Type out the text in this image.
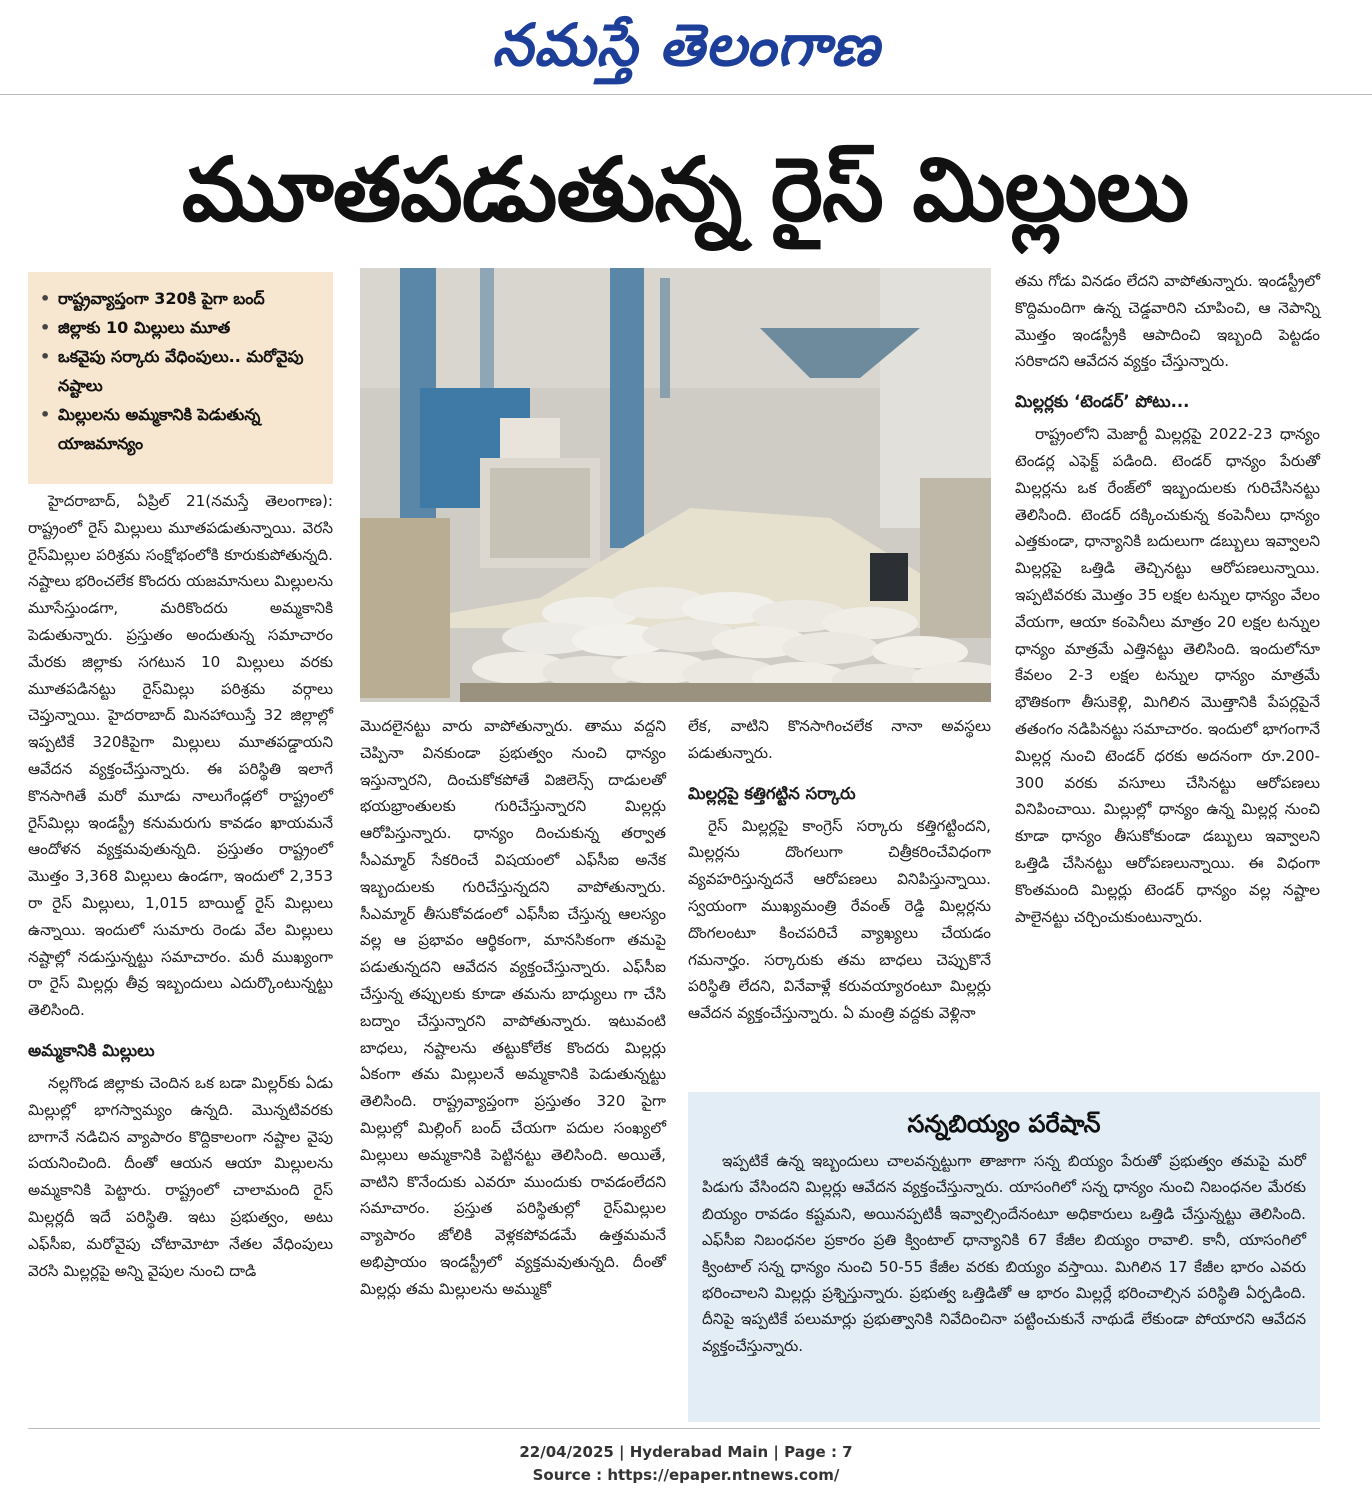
నమస్తే తెలంగాణ
మూతపడుతున్న రైస్ మిల్లులు
• రాష్ట్రవ్యాప్తంగా 320కి పైగా బంద్
• జిల్లాకు 10 మిల్లులు మూత
• ఒకవైపు సర్కారు వేధింపులు.. మరోవైపు నష్టాలు
• మిల్లులను అమ్మకానికి పెడుతున్న యాజమాన్యం

హైదరాబాద్, ఏప్రిల్ 21(నమస్తే తెలంగాణ): రాష్ట్రంలో రైస్ మిల్లులు మూతపడుతున్నాయి. వెరసి రైస్‌మిల్లుల పరిశ్రమ సంక్షోభంలోకి కూరుకుపోతున్నది. నష్టాలు భరించలేక కొందరు యజమానులు మిల్లులను మూసేస్తుండగా, మరికొందరు అమ్మకానికి పెడుతున్నారు. ప్రస్తుతం అందుతున్న సమాచారం మేరకు జిల్లాకు సగటున 10 మిల్లులు వరకు మూతపడినట్టు రైస్‌మిల్లు పరిశ్రమ వర్గాలు చెప్తున్నాయి. హైదరాబాద్ మినహాయిస్తే 32 జిల్లాల్లో ఇప్పటికే 320కిపైగా మిల్లులు మూతపడ్డాయని ఆవేదన వ్యక్తంచేస్తున్నారు. ఈ పరిస్థితి ఇలాగే కొనసాగితే మరో మూడు నాలుగేండ్లలో రాష్ట్రంలో రైస్‌మిల్లు ఇండస్ట్రీ కనుమరుగు కావడం ఖాయమనే ఆందోళన వ్యక్తమవుతున్నది. ప్రస్తుతం రాష్ట్రంలో మొత్తం 3,368 మిల్లులు ఉండగా, ఇందులో 2,353 రా రైస్ మిల్లులు, 1,015 బాయిల్డ్ రైస్ మిల్లులు ఉన్నాయి. ఇందులో సుమారు రెండు వేల మిల్లులు నష్టాల్లో నడుస్తున్నట్టు సమాచారం. మరీ ముఖ్యంగా రా రైస్ మిల్లర్లు తీవ్ర ఇబ్బందులు ఎదుర్కొంటున్నట్టు తెలిసింది.

అమ్మకానికి మిల్లులు

నల్లగొండ జిల్లాకు చెందిన ఒక బడా మిల్లర్‌కు ఏడు మిల్లుల్లో భాగస్వామ్యం ఉన్నది. మొన్నటివరకు బాగానే నడిచిన వ్యాపారం కొద్దికాలంగా నష్టాల వైపు పయనించింది. దీంతో ఆయన ఆయా మిల్లులను అమ్మకానికి పెట్టారు. రాష్ట్రంలో చాలామంది రైస్ మిల్లర్లదీ ఇదే పరిస్థితి. ఇటు ప్రభుత్వం, అటు ఎఫ్‌సీఐ, మరోవైపు చోటామోటా నేతల వేధింపులు వెరసి మిల్లర్లపై అన్ని వైపుల నుంచి దాడి

మొదలైనట్టు వారు వాపోతున్నారు. తాము వద్దని చెప్పినా వినకుండా ప్రభుత్వం నుంచి ధాన్యం ఇస్తున్నారని, దించుకోకపోతే విజిలెన్స్ దాడులతో భయభ్రాంతులకు గురిచేస్తున్నారని మిల్లర్లు ఆరోపిస్తున్నారు. ధాన్యం దించుకున్న తర్వాత సీఎమ్మార్ సేకరించే విషయంలో ఎఫ్‌సీఐ అనేక ఇబ్బందులకు గురిచేస్తున్నదని వాపోతున్నారు. సీఎమ్మార్ తీసుకోవడంలో ఎఫ్‌సీఐ చేస్తున్న ఆలస్యం వల్ల ఆ ప్రభావం ఆర్థికంగా, మానసికంగా తమపై పడుతున్నదని ఆవేదన వ్యక్తంచేస్తున్నారు. ఎఫ్‌సీఐ చేస్తున్న తప్పులకు కూడా తమను బాధ్యులు గా చేసి బద్నాం చేస్తున్నారని వాపోతున్నారు. ఇటువంటి బాధలు, నష్టాలను తట్టుకోలేక కొందరు మిల్లర్లు ఏకంగా తమ మిల్లులనే అమ్మకానికి పెడుతున్నట్టు తెలిసింది. రాష్ట్రవ్యాప్తంగా ప్రస్తుతం 320 పైగా మిల్లుల్లో మిల్లింగ్ బంద్ చేయగా పదుల సంఖ్యలో మిల్లులు అమ్మకానికి పెట్టినట్టు తెలిసింది. అయితే, వాటిని కొనేందుకు ఎవరూ ముందుకు రావడంలేదని సమాచారం. ప్రస్తుత పరిస్థితుల్లో రైస్‌మిల్లుల వ్యాపారం జోలికి వెళ్లకపోవడమే ఉత్తమమనే అభిప్రాయం ఇండస్ట్రీలో వ్యక్తమవుతున్నది. దీంతో మిల్లర్లు తమ మిల్లులను అమ్ముకో

లేక, వాటిని కొనసాగించలేక నానా అవస్థలు పడుతున్నారు.

మిల్లర్లపై కత్తిగట్టిన సర్కారు

రైస్ మిల్లర్లపై కాంగ్రెస్ సర్కారు కత్తిగట్టిందని, మిల్లర్లను దొంగలుగా చిత్రీకరించేవిధంగా వ్యవహరిస్తున్నదనే ఆరోపణలు వినిపిస్తున్నాయి. స్వయంగా ముఖ్యమంత్రి రేవంత్ రెడ్డి మిల్లర్లను దొంగలంటూ కించపరిచే వ్యాఖ్యలు చేయడం గమనార్హం. సర్కారుకు తమ బాధలు చెప్పుకొనే పరిస్థితి లేదని, వినేవాళ్లే కరువయ్యారంటూ మిల్లర్లు ఆవేదన వ్యక్తంచేస్తున్నారు. ఏ మంత్రి వద్దకు వెళ్లినా

తమ గోడు వినడం లేదని వాపోతున్నారు. ఇండస్ట్రీలో కొద్దిమందిగా ఉన్న చెడ్డవారిని చూపించి, ఆ నెపాన్ని మొత్తం ఇండస్ట్రీకి ఆపాదించి ఇబ్బంది పెట్టడం సరికాదని ఆవేదన వ్యక్తం చేస్తున్నారు.

మిల్లర్లకు ‘టెండర్’ పోటు...

రాష్ట్రంలోని మెజార్టీ మిల్లర్లపై 2022-23 ధాన్యం టెండర్ల ఎఫెక్ట్ పడింది. టెండర్ ధాన్యం పేరుతో మిల్లర్లను ఒక రేంజ్‌లో ఇబ్బందులకు గురిచేసినట్టు తెలిసింది. టెండర్ దక్కించుకున్న కంపెనీలు ధాన్యం ఎత్తకుండా, ధాన్యానికి బదులుగా డబ్బులు ఇవ్వాలని మిల్లర్లపై ఒత్తిడి తెచ్చినట్టు ఆరోపణలున్నాయి. ఇప్పటివరకు మొత్తం 35 లక్షల టన్నుల ధాన్యం వేలం వేయగా, ఆయా కంపెనీలు మాత్రం 20 లక్షల టన్నుల ధాన్యం మాత్రమే ఎత్తినట్టు తెలిసింది. ఇందులోనూ కేవలం 2-3 లక్షల టన్నుల ధాన్యం మాత్రమే భౌతికంగా తీసుకెళ్లి, మిగిలిన మొత్తానికి పేపర్లపైనే తతంగం నడిపినట్టు సమాచారం. ఇందులో భాగంగానే మిల్లర్ల నుంచి టెండర్ ధరకు అదనంగా రూ.200-300 వరకు వసూలు చేసినట్టు ఆరోపణలు వినిపించాయి. మిల్లుల్లో ధాన్యం ఉన్న మిల్లర్ల నుంచి కూడా ధాన్యం తీసుకోకుండా డబ్బులు ఇవ్వాలని ఒత్తిడి చేసినట్టు ఆరోపణలున్నాయి. ఈ విధంగా కొంతమంది మిల్లర్లు టెండర్ ధాన్యం వల్ల నష్టాల పాలైనట్టు చర్చించుకుంటున్నారు.

సన్నబియ్యం పరేషాన్
ఇప్పటికే ఉన్న ఇబ్బందులు చాలవన్నట్టుగా తాజాగా సన్న బియ్యం పేరుతో ప్రభుత్వం తమపై మరో పిడుగు వేసిందని మిల్లర్లు ఆవేదన వ్యక్తంచేస్తున్నారు. యాసంగిలో సన్న ధాన్యం నుంచి నిబంధనల మేరకు బియ్యం రావడం కష్టమని, అయినప్పటికీ ఇవ్వాల్సిందేనంటూ అధికారులు ఒత్తిడి చేస్తున్నట్టు తెలిసింది. ఎఫ్‌సీఐ నిబంధనల ప్రకారం ప్రతి క్వింటాల్ ధాన్యానికి 67 కేజీల బియ్యం రావాలి. కానీ, యాసంగిలో క్వింటాల్ సన్న ధాన్యం నుంచి 50-55 కేజీల వరకు బియ్యం వస్తాయి. మిగిలిన 17 కేజీల భారం ఎవరు భరించాలని మిల్లర్లు ప్రశ్నిస్తున్నారు. ప్రభుత్వ ఒత్తిడితో ఆ భారం మిల్లర్లే భరించాల్సిన పరిస్థితి ఏర్పడింది. దీనిపై ఇప్పటికే పలుమార్లు ప్రభుత్వానికి నివేదించినా పట్టించుకునే నాథుడే లేకుండా పోయారని ఆవేదన వ్యక్తంచేస్తున్నారు.
22/04/2025 | Hyderabad Main | Page : 7
Source : https://epaper.ntnews.com/
